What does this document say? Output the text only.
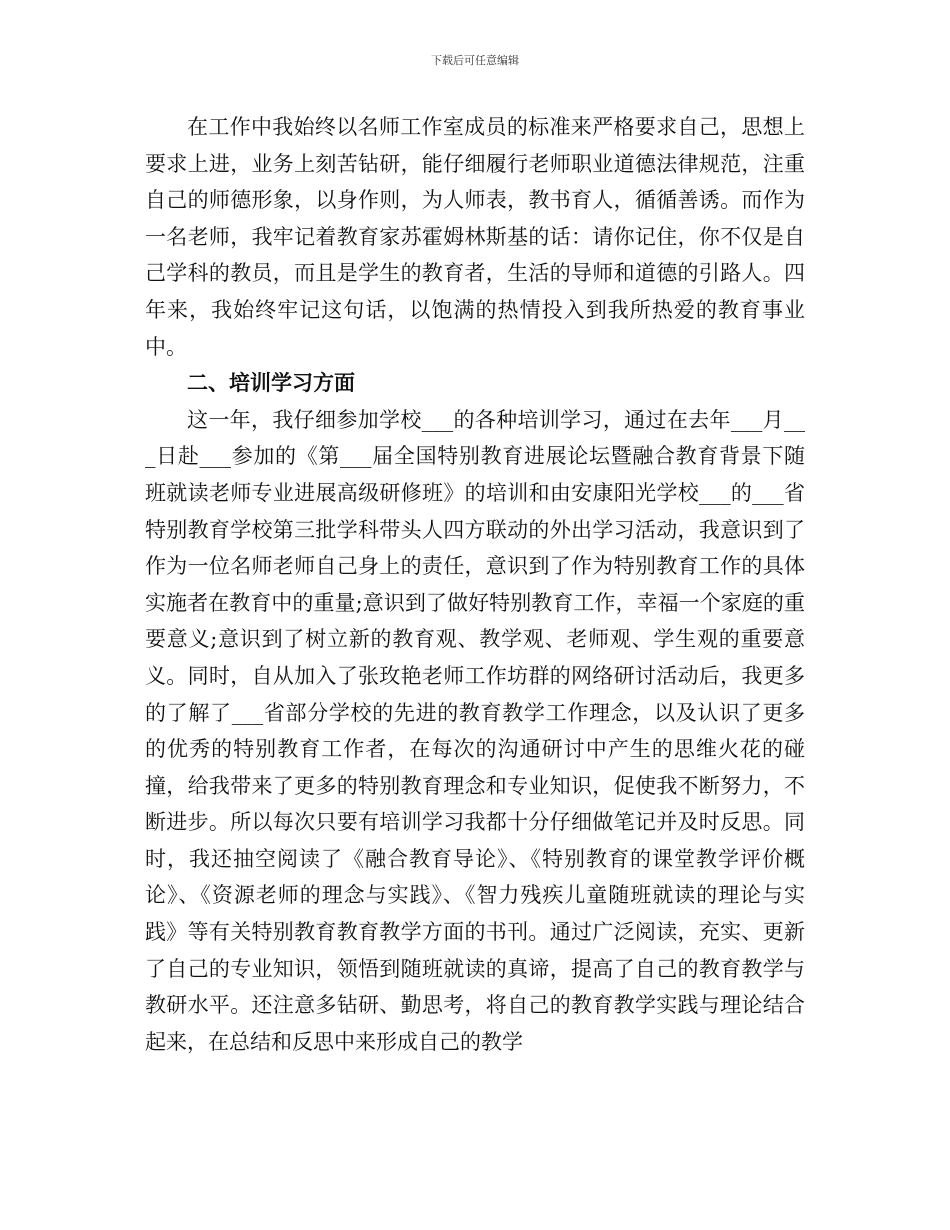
下载后可任意编辑

在工作中我始终以名师工作室成员的标准来严格要求自己，思想上要求上进，业务上刻苦钻研，能仔细履行老师职业道德法律规范，注重自己的师德形象，以身作则，为人师表，教书育人，循循善诱。而作为一名老师，我牢记着教育家苏霍姆林斯基的话：请你记住，你不仅是自己学科的教员，而且是学生的教育者，生活的导师和道德的引路人。四年来，我始终牢记这句话，以饱满的热情投入到我所热爱的教育事业中。

二、培训学习方面

这一年，我仔细参加学校___的各种培训学习，通过在去年___月___日赴___参加的《第___届全国特别教育进展论坛暨融合教育背景下随班就读老师专业进展高级研修班》的培训和由安康阳光学校___的___省特别教育学校第三批学科带头人四方联动的外出学习活动，我意识到了作为一位名师老师自己身上的责任，意识到了作为特别教育工作的具体实施者在教育中的重量;意识到了做好特别教育工作，幸福一个家庭的重要意义;意识到了树立新的教育观、教学观、老师观、学生观的重要意义。同时，自从加入了张玫艳老师工作坊群的网络研讨活动后，我更多的了解了___省部分学校的先进的教育教学工作理念，以及认识了更多的优秀的特别教育工作者，在每次的沟通研讨中产生的思维火花的碰撞，给我带来了更多的特别教育理念和专业知识，促使我不断努力，不断进步。所以每次只要有培训学习我都十分仔细做笔记并及时反思。同时，我还抽空阅读了《融合教育导论》、《特别教育的课堂教学评价概论》、《资源老师的理念与实践》、《智力残疾儿童随班就读的理论与实践》等有关特别教育教育教学方面的书刊。通过广泛阅读，充实、更新了自己的专业知识，领悟到随班就读的真谛，提高了自己的教育教学与教研水平。还注意多钻研、勤思考，将自己的教育教学实践与理论结合起来，在总结和反思中来形成自己的教学
